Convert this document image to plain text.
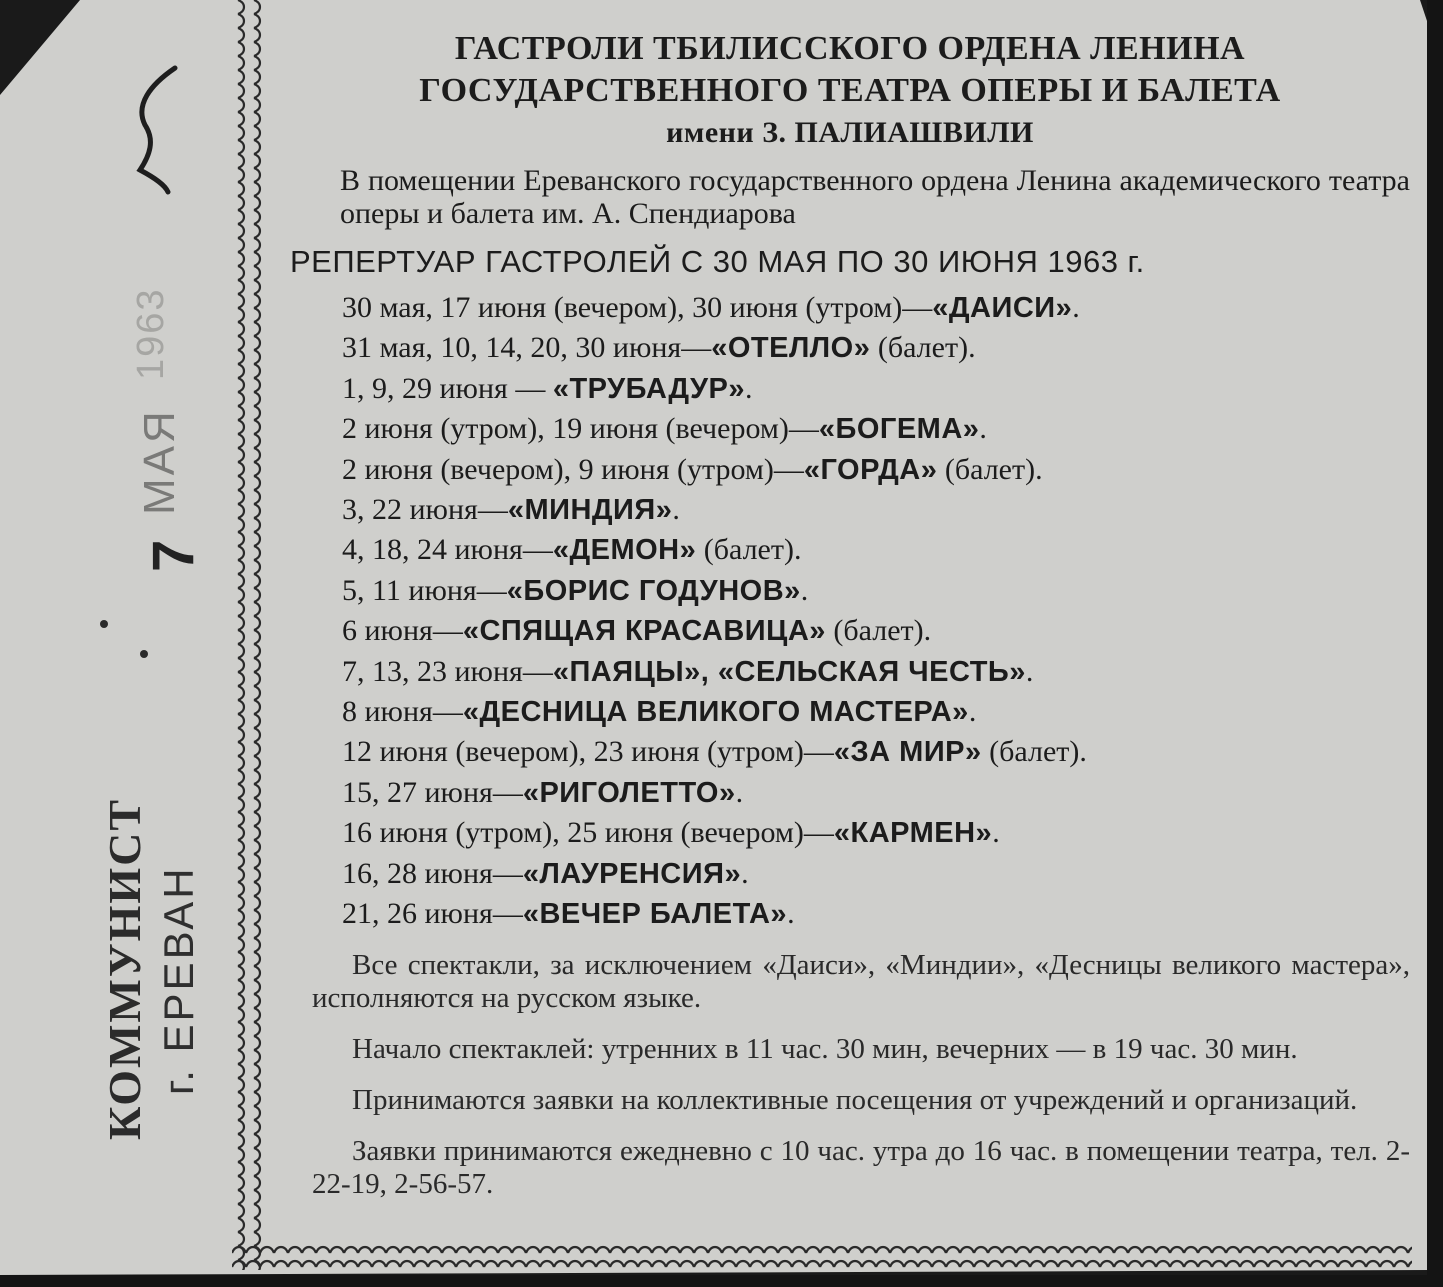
КОММУНИСТ г. ЕРЕВАН
7
МАЯ
1963
ГАСТРОЛИ ТБИЛИССКОГО ОРДЕНА ЛЕНИНА
ГОСУДАРСТВЕННОГО ТЕАТРА ОПЕРЫ И БАЛЕТА
имени З. ПАЛИАШВИЛИ
В помещении Ереванского государственного ордена Ленина академического театра оперы и балета им. А. Спендиарова
РЕПЕРТУАР ГАСТРОЛЕЙ С 30 МАЯ ПО 30 ИЮНЯ 1963 г.
30 мая, 17 июня (вечером), 30 июня (утром)—«ДАИСИ».
31 мая, 10, 14, 20, 30 июня—«ОТЕЛЛО» (балет).
1, 9, 29 июня — «ТРУБАДУР».
2 июня (утром), 19 июня (вечером)—«БОГЕМА».
2 июня (вечером), 9 июня (утром)—«ГОРДА» (балет).
3, 22 июня—«МИНДИЯ».
4, 18, 24 июня—«ДЕМОН» (балет).
5, 11 июня—«БОРИС ГОДУНОВ».
6 июня—«СПЯЩАЯ КРАСАВИЦА» (балет).
7, 13, 23 июня—«ПАЯЦЫ», «СЕЛЬСКАЯ ЧЕСТЬ».
8 июня—«ДЕСНИЦА ВЕЛИКОГО МАСТЕРА».
12 июня (вечером), 23 июня (утром)—«ЗА МИР» (балет).
15, 27 июня—«РИГОЛЕТТО».
16 июня (утром), 25 июня (вечером)—«КАРМЕН».
16, 28 июня—«ЛАУРЕНСИЯ».
21, 26 июня—«ВЕЧЕР БАЛЕТА».
Все спектакли, за исключением «Даиси», «Миндии», «Десницы великого мастера», исполняются на русском языке.
Начало спектаклей: утренних в 11 час. 30 мин, вечерних — в 19 час. 30 мин.
Принимаются заявки на коллективные посещения от учреждений и организаций.
Заявки принимаются ежедневно с 10 час. утра до 16 час. в помещении театра, тел. 2-22-19, 2-56-57.
